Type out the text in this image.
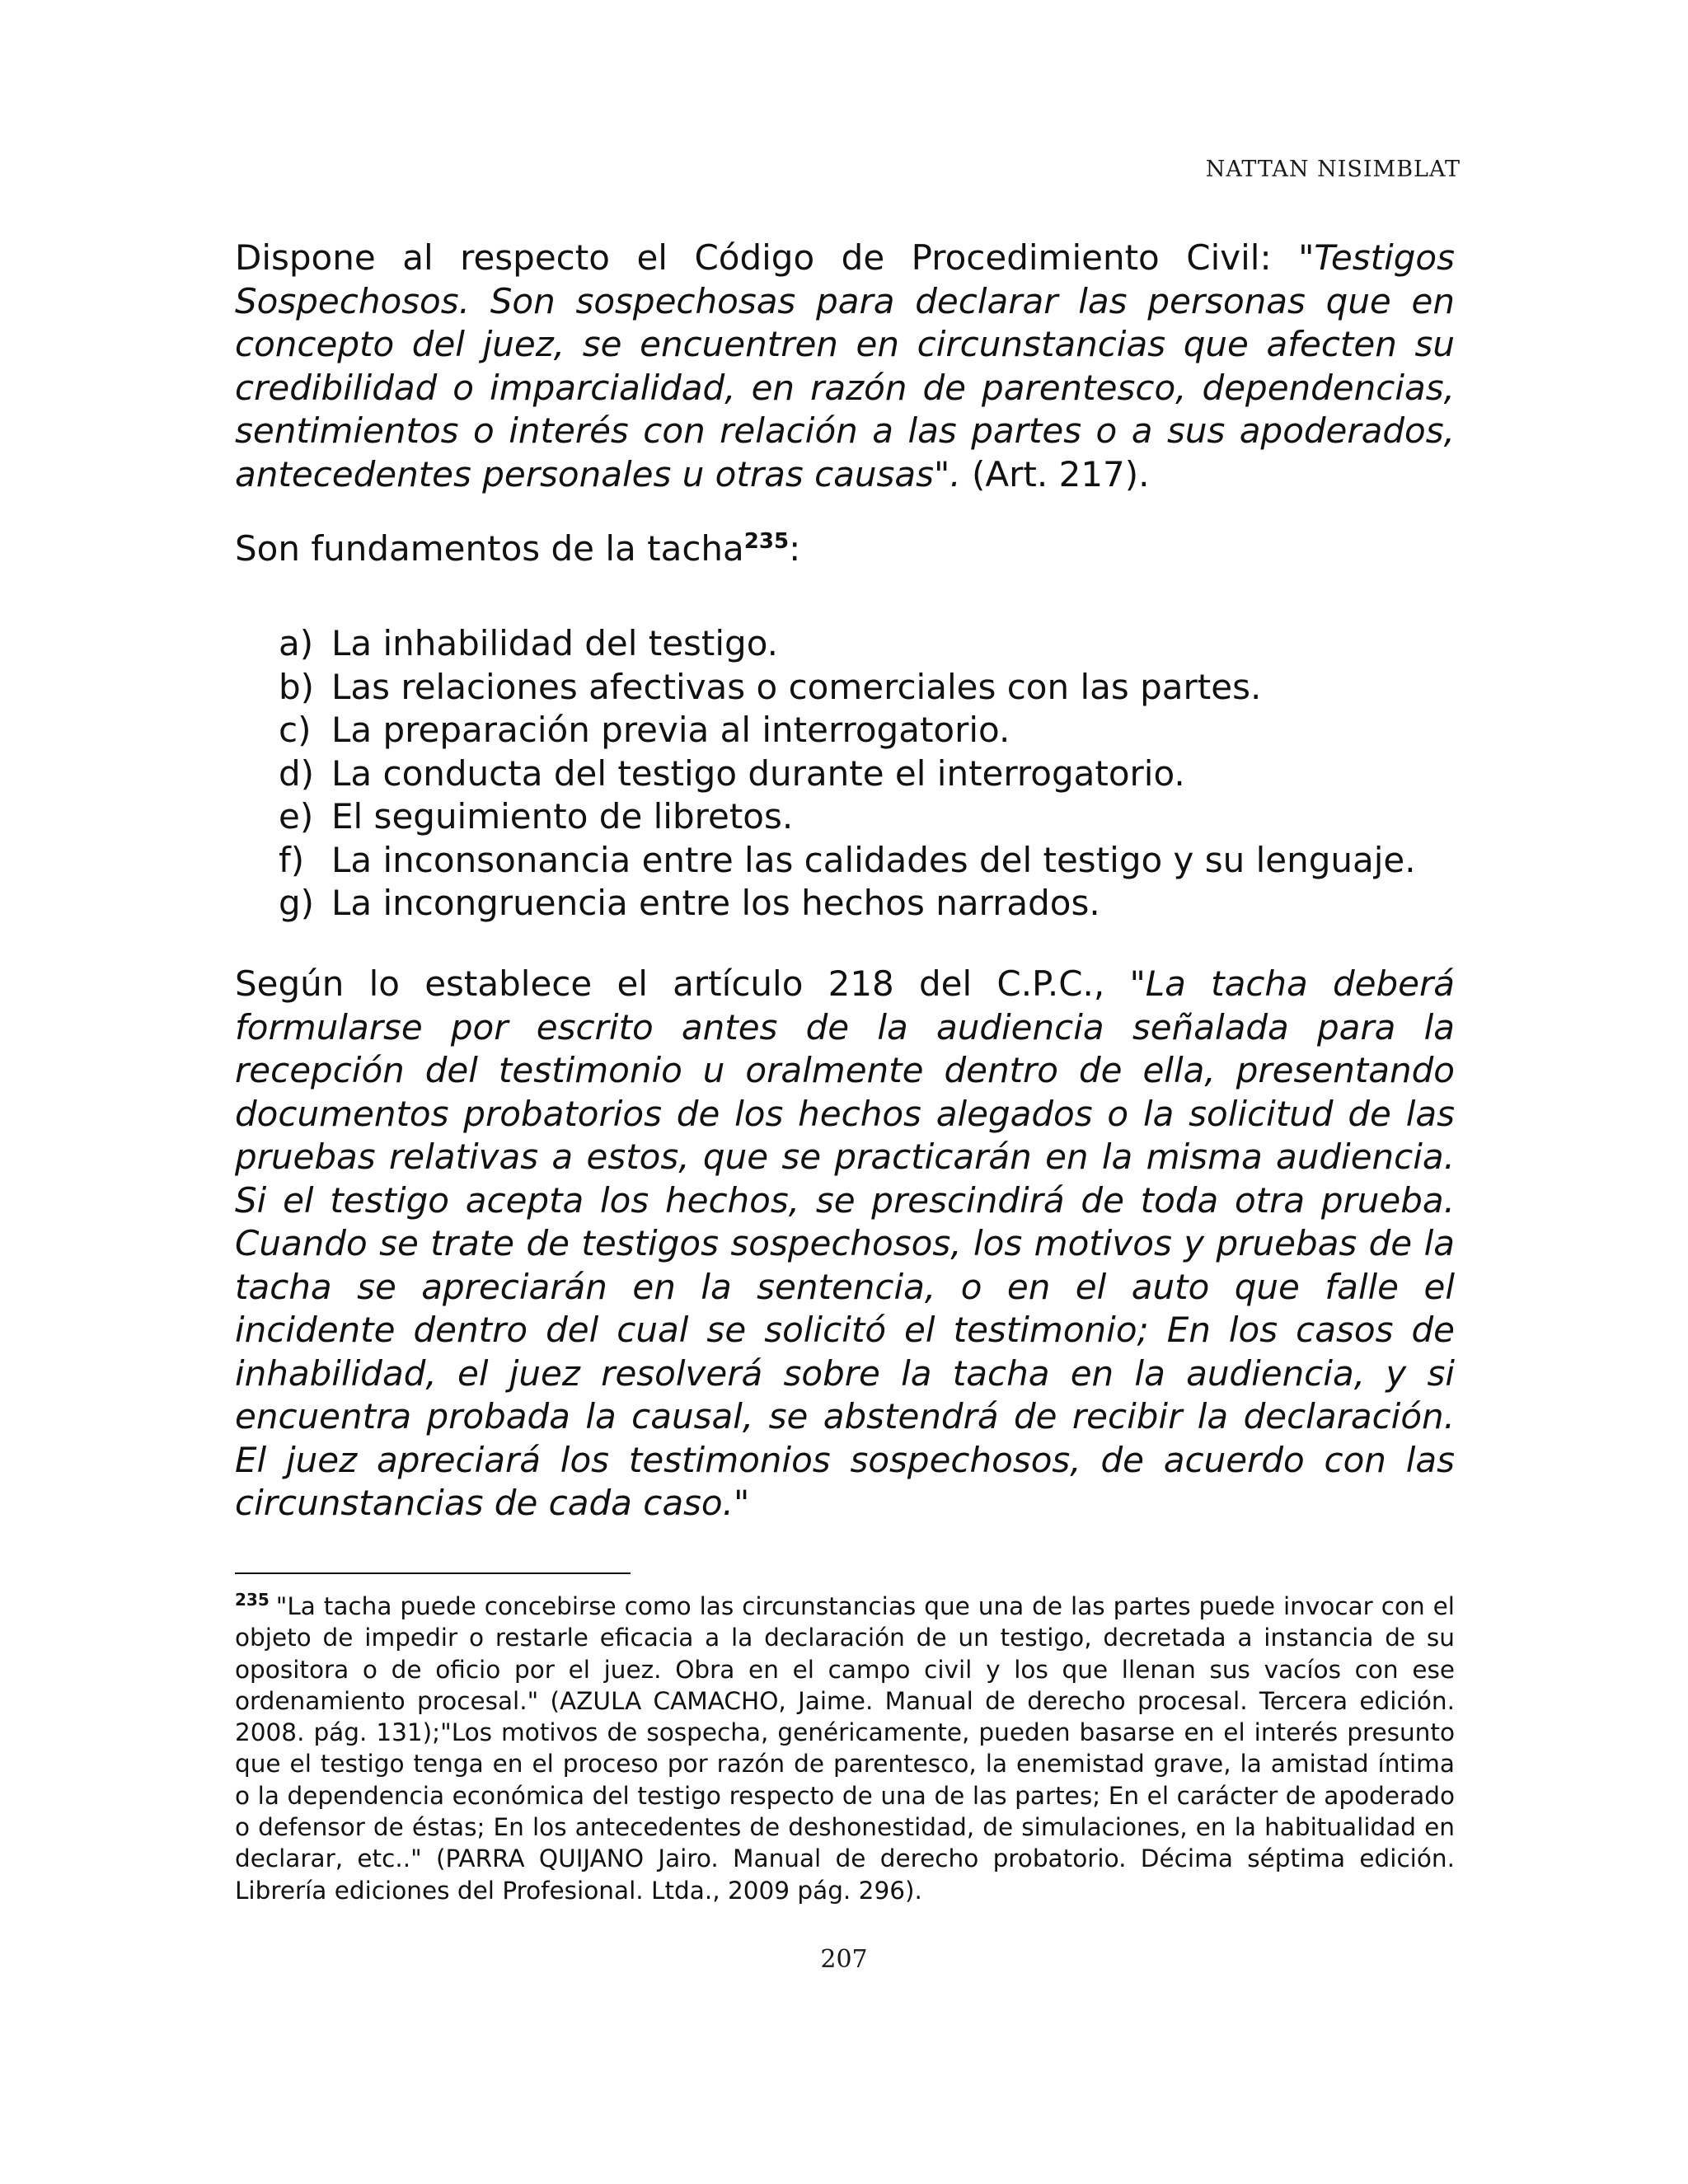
NATTAN NISIMBLAT

Dispone al respecto el Código de Procedimiento Civil: "Testigos Sospechosos. Son sospechosas para declarar las personas que en concepto del juez, se encuentren en circunstancias que afecten su credibilidad o imparcialidad, en razón de parentesco, dependencias, sentimientos o interés con relación a las partes o a sus apoderados, antecedentes personales u otras causas". (Art. 217).

Son fundamentos de la tacha$^{235}$:

a) La inhabilidad del testigo.
b) Las relaciones afectivas o comerciales con las partes.
c) La preparación previa al interrogatorio.
d) La conducta del testigo durante el interrogatorio.
e) El seguimiento de libretos.
f) La inconsonancia entre las calidades del testigo y su lenguaje.
g) La incongruencia entre los hechos narrados.

Según lo establece el artículo 218 del C.P.C., "La tacha deberá formularse por escrito antes de la audiencia señalada para la recepción del testimonio u oralmente dentro de ella, presentando documentos probatorios de los hechos alegados o la solicitud de las pruebas relativas a estos, que se practicarán en la misma audiencia. Si el testigo acepta los hechos, se prescindirá de toda otra prueba. Cuando se trate de testigos sospechosos, los motivos y pruebas de la tacha se apreciarán en la sentencia, o en el auto que falle el incidente dentro del cual se solicitó el testimonio; En los casos de inhabilidad, el juez resolverá sobre la tacha en la audiencia, y si encuentra probada la causal, se abstendrá de recibir la declaración. El juez apreciará los testimonios sospechosos, de acuerdo con las circunstancias de cada caso."

$^{235}$ "La tacha puede concebirse como las circunstancias que una de las partes puede invocar con el objeto de impedir o restarle eficacia a la declaración de un testigo, decretada a instancia de su opositora o de oficio por el juez. Obra en el campo civil y los que llenan sus vacíos con ese ordenamiento procesal." (AZULA CAMACHO, Jaime. Manual de derecho procesal. Tercera edición. 2008. pág. 131);"Los motivos de sospecha, genéricamente, pueden basarse en el interés presunto que el testigo tenga en el proceso por razón de parentesco, la enemistad grave, la amistad íntima o la dependencia económica del testigo respecto de una de las partes; En el carácter de apoderado o defensor de éstas; En los antecedentes de deshonestidad, de simulaciones, en la habitualidad en declarar, etc.." (PARRA QUIJANO Jairo. Manual de derecho probatorio. Décima séptima edición. Librería ediciones del Profesional. Ltda., 2009 pág. 296).

207
